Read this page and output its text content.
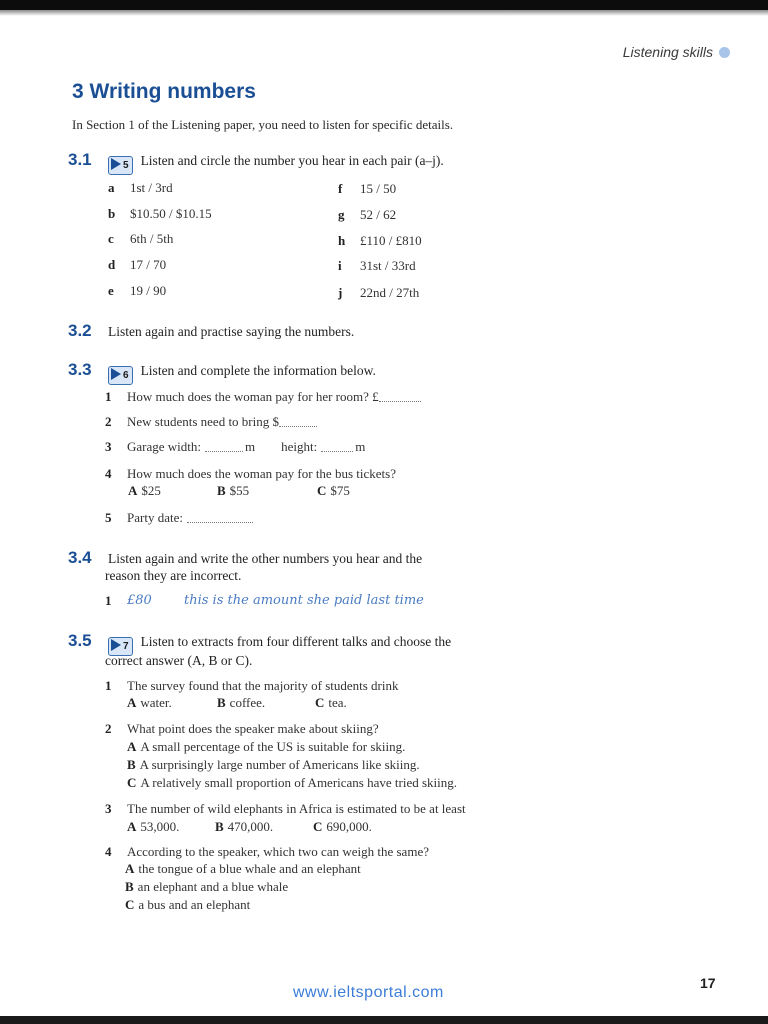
Listening skills
3 Writing numbers

In Section 1 of the Listening paper, you need to listen for specific details.

3.1	5 Listen and circle the number you hear in each pair (a–j).
a 1st / 3rd
b $10.50 / $10.15
c 6th / 5th
d 17 / 70
e 19 / 90
f 15 / 50
g 52 / 62
h £110 / £810
i 31st / 33rd
j 22nd / 27th
3.2 Listen again and practise saying the numbers.
3.3	6 Listen and complete the information below.
1 How much does the woman pay for her room? £
2 New students need to bring $
3 Garage width:	m height:	m
4 How much does the woman pay for the bus tickets?
A $25	B $55	C $75
5 Party date:
3.4 Listen again and write the other numbers you hear and the
reason they are incorrect.
1	£80 this is the amount she paid last time
3.5	7 Listen to extracts from four different talks and choose the
correct answer (A, B or C).
1 The survey found that the majority of students drink
A water.	B coffee.	C tea.
2 What point does the speaker make about skiing?
A A small percentage of the US is suitable for skiing.
B A surprisingly large number of Americans like skiing.
C A relatively small proportion of Americans have tried skiing.
3 The number of wild elephants in Africa is estimated to be at least
A 53,000.	B 470,000.	C 690,000.
4 According to the speaker, which two can weigh the same?
A the tongue of a blue whale and an elephant
B an elephant and a blue whale
C a bus and an elephant
www.ieltsportal.com
17
